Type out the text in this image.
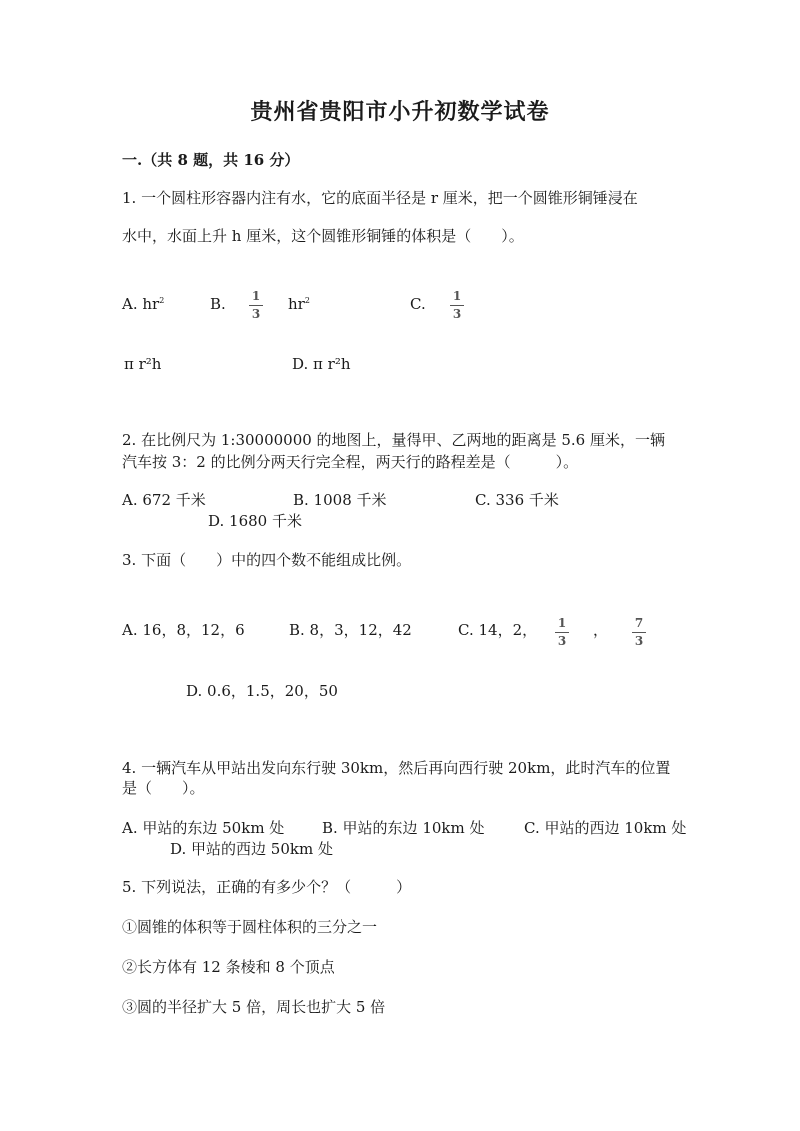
贵州省贵阳市小升初数学试卷
一.（共 8 题，共 16 分）
1. 一个圆柱形容器内注有水，它的底面半径是 r 厘米，把一个圆锥形铜锤浸在
水中，水面上升 h 厘米，这个圆锥形铜锤的体积是（　　）。
A. $hr^2$	B. 1
3
$hr^2$	C. 1
3
π r²h	D. π r²h
2. 在比例尺为 1:30000000 的地图上，量得甲、乙两地的距离是 5.6 厘米，一辆
汽车按 3：2 的比例分两天行完全程，两天行的路程差是（　　　）。
A. 672 千米	B. 1008 千米	C. 336 千米
D. 1680 千米
3. 下面（　　）中的四个数不能组成比例。
A. 16，8，12，6	B. 8，3，12，42	C. 14，2， 1
3
， 7
3
D. 0.6，1.5，20，50
4. 一辆汽车从甲站出发向东行驶 30km，然后再向西行驶 20km，此时汽车的位置
是（　　）。
A. 甲站的东边 50km 处	B. 甲站的东边 10km 处	C. 甲站的西边 10km 处
D. 甲站的西边 50km 处
5. 下列说法，正确的有多少个？（　　　）
①圆锥的体积等于圆柱体积的三分之一
②长方体有 12 条棱和 8 个顶点
③圆的半径扩大 5 倍，周长也扩大 5 倍
